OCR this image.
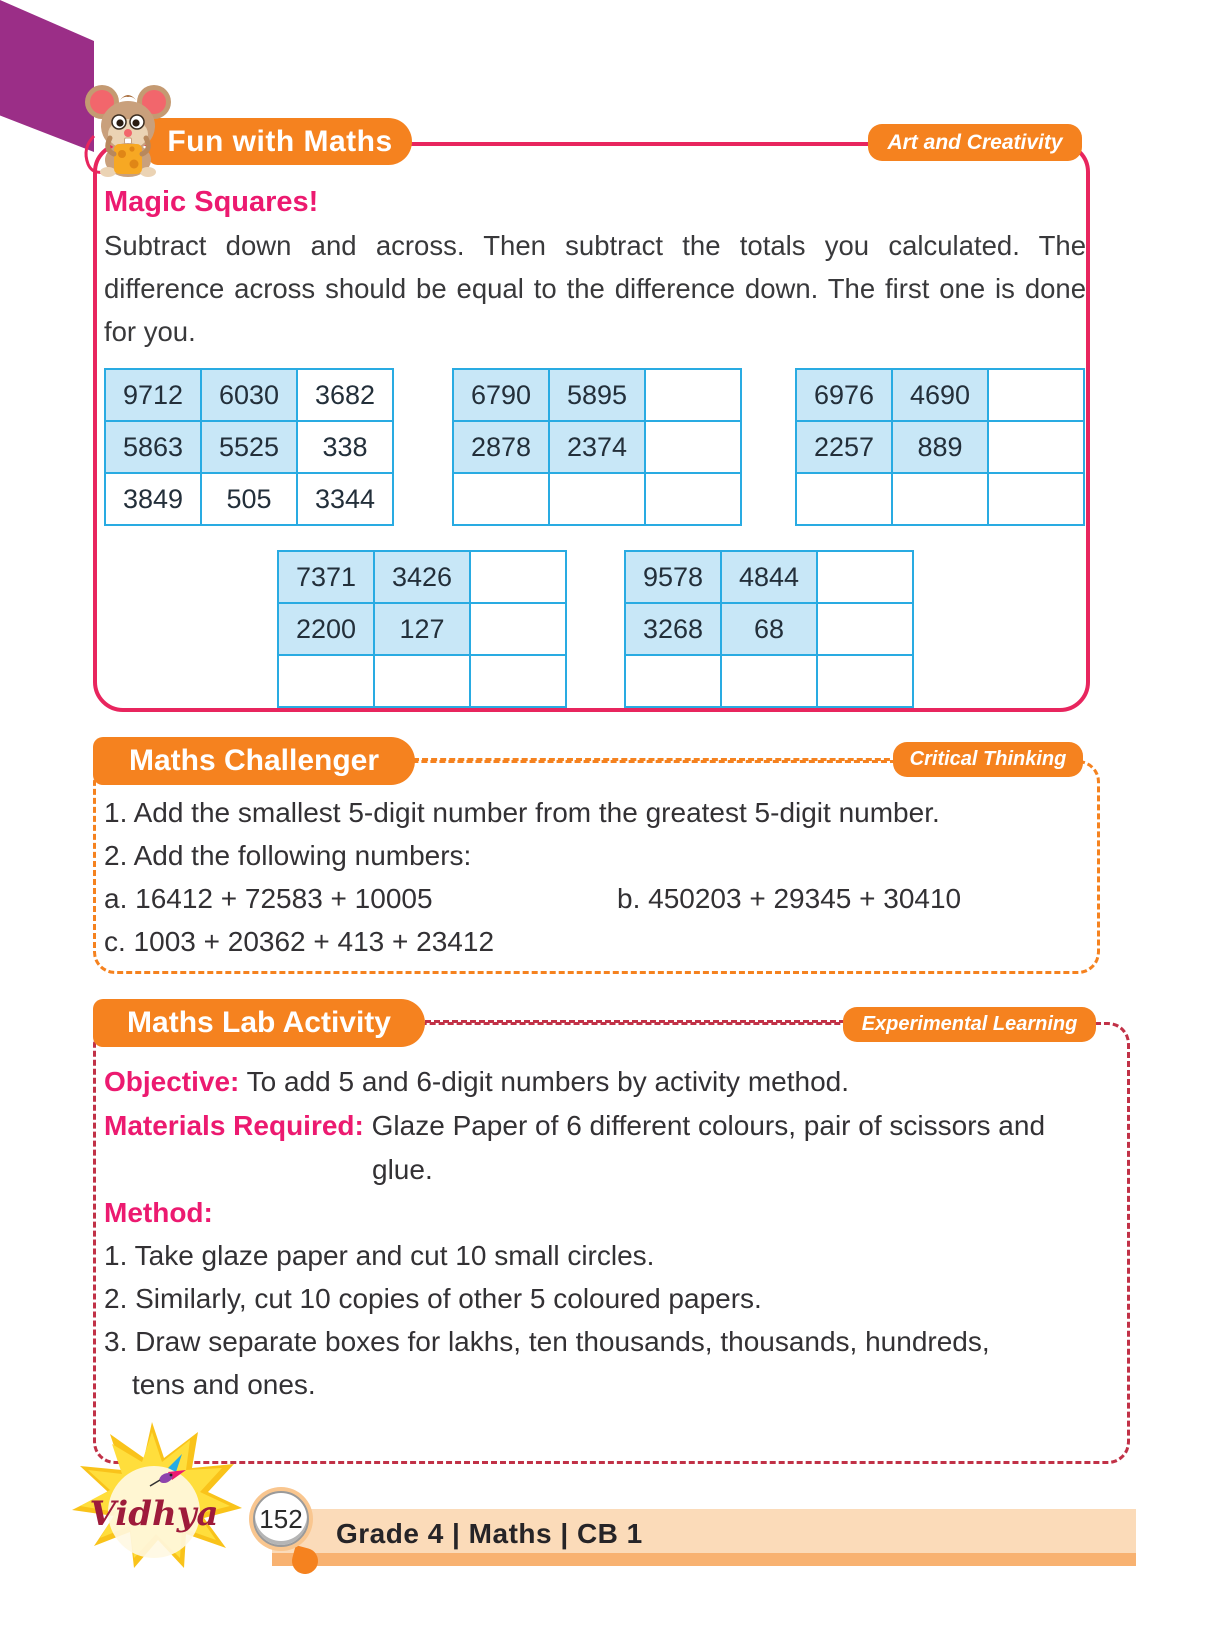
Fun with Maths	Art and Creativity
Magic Squares!
Subtract down and across. Then subtract the totals you calculated. The difference across should be equal to the difference down. The first one is done for you.
9712	6030	3682
5863	5525	338
3849	505	3344
6790	5895	
2878	2374	

6976	4690	
2257	889	

7371	3426	
2200	127	

9578	4844	
3268	68	

Maths Challenger	Critical Thinking
1. Add the smallest 5-digit number from the greatest 5-digit number.
2. Add the following numbers:
a. 16412 + 72583 + 10005	b. 450203 + 29345 + 30410
c. 1003 + 20362 + 413 + 23412
Maths Lab Activity	Experimental Learning
Objective: To add 5 and 6-digit numbers by activity method.
Materials Required: Glaze Paper of 6 different colours, pair of scissors and
glue.
Method:
1. Take glaze paper and cut 10 small circles.
2. Similarly, cut 10 copies of other 5 coloured papers.
3. Draw separate boxes for lakhs, ten thousands, thousands, hundreds,
tens and ones.
Vidhya 152 Grade 4 | Maths | CB 1
